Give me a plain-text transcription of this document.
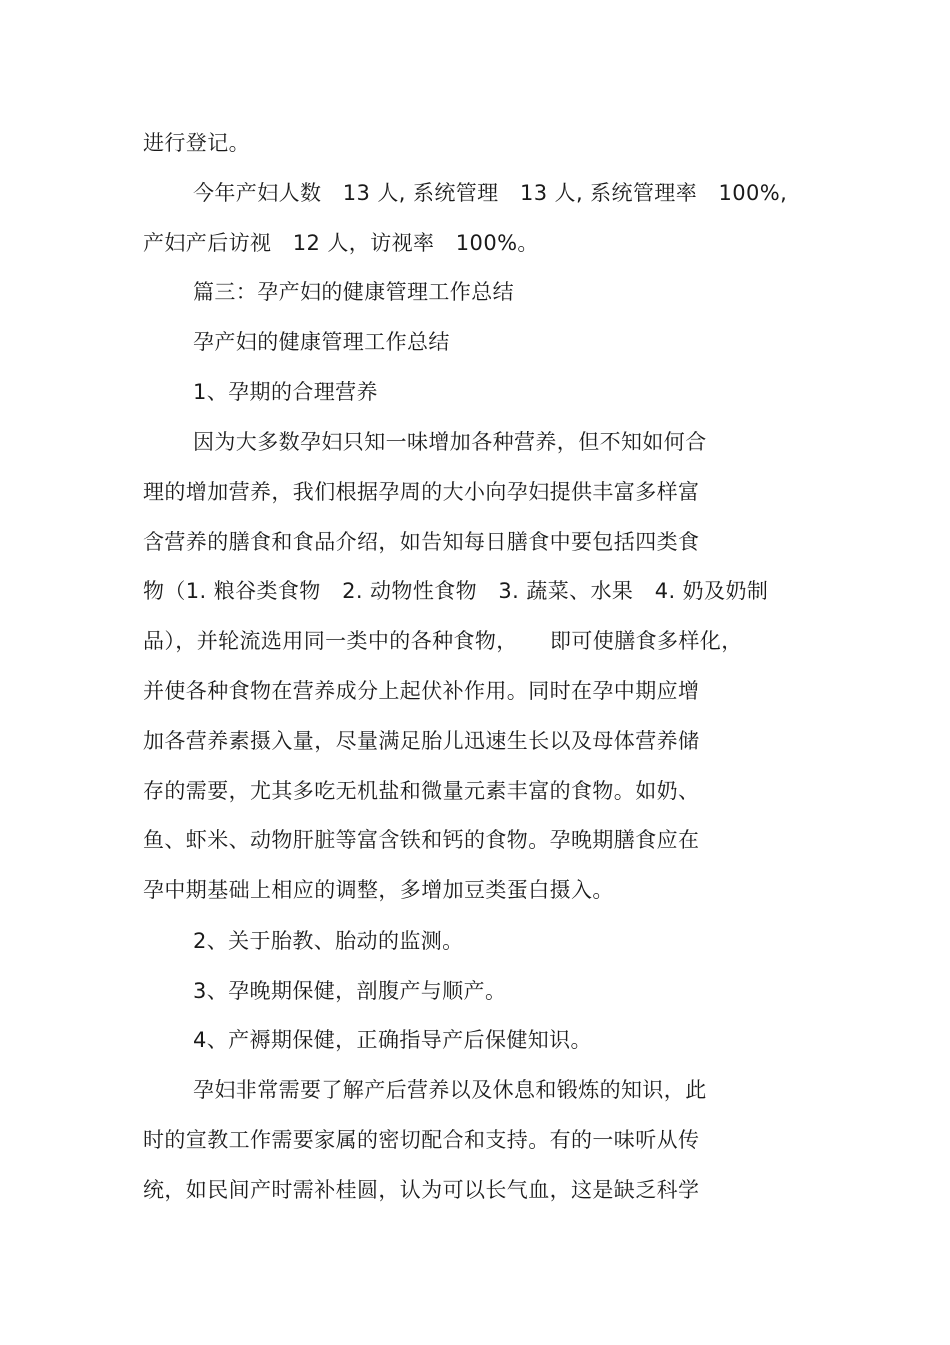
进行登记。
今年产妇人数　13 人, 系统管理　13 人, 系统管理率　100%,
产妇产后访视　12 人，访视率　100%。
篇三：孕产妇的健康管理工作总结
孕产妇的健康管理工作总结
1、孕期的合理营养
因为大多数孕妇只知一味增加各种营养，但不知如何合
理的增加营养，我们根据孕周的大小向孕妇提供丰富多样富
含营养的膳食和食品介绍，如告知每日膳食中要包括四类食
物（1. 粮谷类食物　2. 动物性食物　3. 蔬菜、水果　4. 奶及奶制
品），并轮流选用同一类中的各种食物，　　即可使膳食多样化，
并使各种食物在营养成分上起伏补作用。同时在孕中期应增
加各营养素摄入量，尽量满足胎儿迅速生长以及母体营养储
存的需要，尤其多吃无机盐和微量元素丰富的食物。如奶、
鱼、虾米、动物肝脏等富含铁和钙的食物。孕晚期膳食应在
孕中期基础上相应的调整，多增加豆类蛋白摄入。
2、关于胎教、胎动的监测。
3、孕晚期保健，剖腹产与顺产。
4、产褥期保健，正确指导产后保健知识。
孕妇非常需要了解产后营养以及休息和锻炼的知识，此
时的宣教工作需要家属的密切配合和支持。有的一味听从传
统，如民间产时需补桂圆，认为可以长气血，这是缺乏科学
